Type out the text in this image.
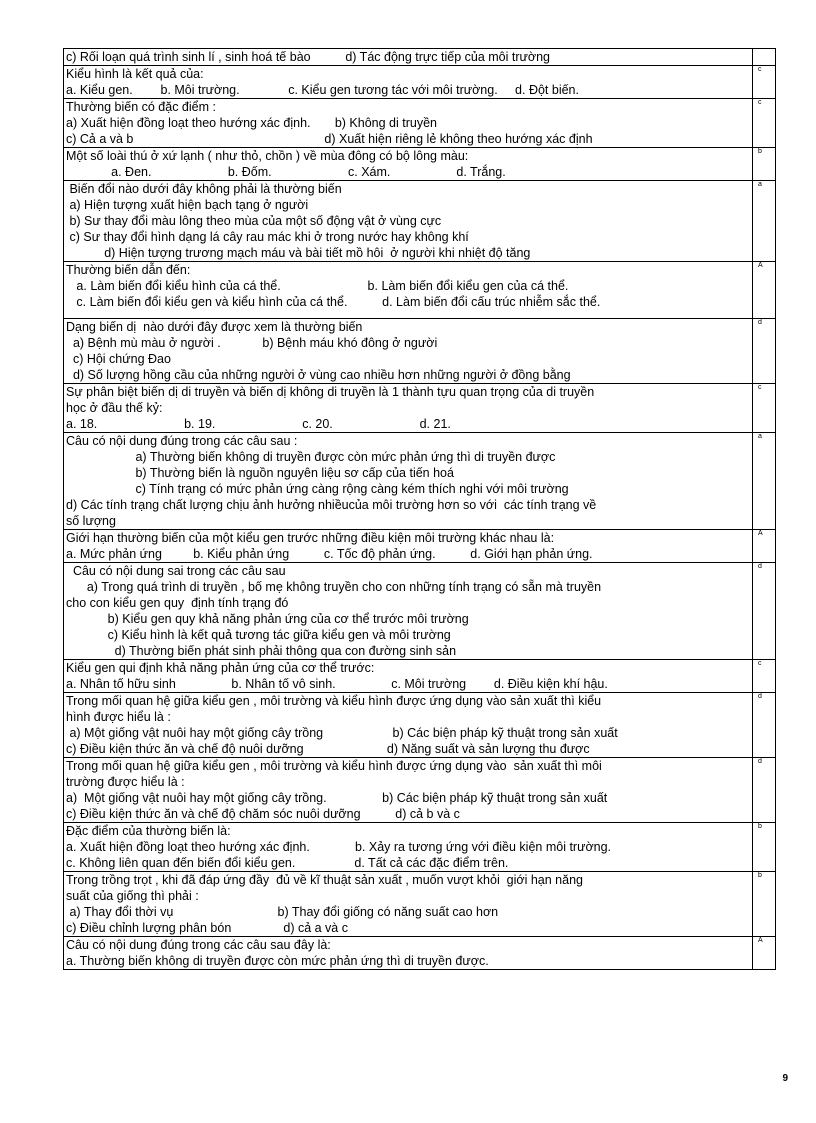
c) Rối loạn quá trình sinh lí , sinh hoá tế bào          d) Tác động trực tiếp của môi trường
Kiểu hình là kết quả của:
a. Kiểu gen.        b. Môi trường.              c. Kiểu gen tương tác với môi trường.     d. Đột biến.
c
Thường biến có đặc điểm :
a) Xuất hiện đồng loạt theo hướng xác định.       b) Không di truyền
c) Cả a và b                                                       d) Xuất hiện riêng lẻ không theo hướng xác định
c
Một số loài thú ở xứ lạnh ( như thỏ, chồn ) về mùa đông có bộ lông màu:
a. Đen.                      b. Đốm.                      c. Xám.                   d. Trắng.
b
Biến đổi nào dưới đây không phải là thường biến
a) Hiện tượng xuất hiện bạch tạng ở người
b) Sư thay đổi màu lông theo mùa của một số động vật ở vùng cực
c) Sư thay đổi hình dạng lá cây rau mác khi ở trong nước hay không khí
d) Hiện tượng trương mạch máu và bài tiết mồ hôi  ở người khi nhiệt độ tăng
a
Thường biến dẫn đến:
a. Làm biến đổi kiểu hình của cá thể.                         b. Làm biến đổi kiểu gen của cá thể.
c. Làm biến đổi kiểu gen và kiểu hình của cá thể.          d. Làm biến đổi cấu trúc nhiễm sắc thể.
A
Dạng biến dị  nào dưới đây được xem là thường biến
a) Bệnh mù màu ở người .            b) Bệnh máu khó đông ở người
c) Hội chứng Đao
d) Số lượng hồng cầu của những người ở vùng cao nhiều hơn những người ở đồng bằng
d
Sự phân biệt biến dị di truyền và biến dị không di truyền là 1 thành tựu quan trọng của di truyền
học ở đầu thế kỷ:
a. 18.                         b. 19.                         c. 20.                         d. 21.
c
Câu có nội dung đúng trong các câu sau :
a) Thường biến không di truyền được còn mức phản ứng thì di truyền được
b) Thường biến là nguồn nguyên liệu sơ cấp của tiến hoá
c) Tính trạng có mức phản ứng càng rộng càng kém thích nghi với môi trường
d) Các tính trạng chất lượng chịu ảnh hưởng nhiềucủa môi trường hơn so với  các tính trạng về
số lượng
a
Giới hạn thường biến của một kiểu gen trước những điều kiện môi trường khác nhau là:
a. Mức phản ứng         b. Kiểu phản ứng          c. Tốc độ phản ứng.          d. Giới hạn phản ứng.
A
Câu có nội dung sai trong các câu sau
a) Trong quá trình di truyền , bố mẹ không truyền cho con những tính trạng có sẵn mà truyền
cho con kiểu gen quy  định tính trạng đó
b) Kiểu gen quy khả năng phản ứng của cơ thể trước môi trường
c) Kiểu hình là kết quả tương tác giữa kiểu gen và môi trường
d) Thường biến phát sinh phải thông qua con đường sinh sản
d
Kiểu gen qui định khả năng phản ứng của cơ thể trước:
a. Nhân tố hữu sinh                b. Nhân tố vô sinh.                c. Môi trường        d. Điều kiện khí hậu.
c
Trong mối quan hệ giữa kiểu gen , môi trường và kiểu hình được ứng dụng vào sản xuất thì kiểu
hình được hiểu là :
a) Một giống vật nuôi hay một giống cây trồng                    b) Các biện pháp kỹ thuật trong sản xuất
c) Điều kiện thức ăn và chế độ nuôi dưỡng                        d) Năng suất và sản lượng thu được
d
Trong mối quan hệ giữa kiểu gen , môi trường và kiểu hình được ứng dụng vào  sản xuất thì môi
trường được hiểu là :
a)  Một giống vật nuôi hay một giống cây trồng.                b) Các biện pháp kỹ thuật trong sản xuất
c) Điều kiện thức ăn và chế độ chăm sóc nuôi dưỡng          d) cả b và c
d
Đặc điểm của thường biến là:
a. Xuất hiện đồng loạt theo hướng xác định.             b. Xảy ra tương ứng với điều kiện môi trường.
c. Không liên quan đến biến đổi kiểu gen.                 d. Tất cả các đặc điểm trên.
b
Trong trồng trọt , khi đã đáp ứng đầy  đủ về kĩ thuật sản xuất , muốn vượt khỏi  giới hạn năng
suất của giống thì phải :
a) Thay đổi thời vụ                              b) Thay đổi giống có năng suất cao hơn
c) Điều chỉnh lượng phân bón               d) cả a và c
b
Câu có nội dung đúng trong các câu sau đây là:
a. Thường biến không di truyền được còn mức phản ứng thì di truyền được.
A
9
